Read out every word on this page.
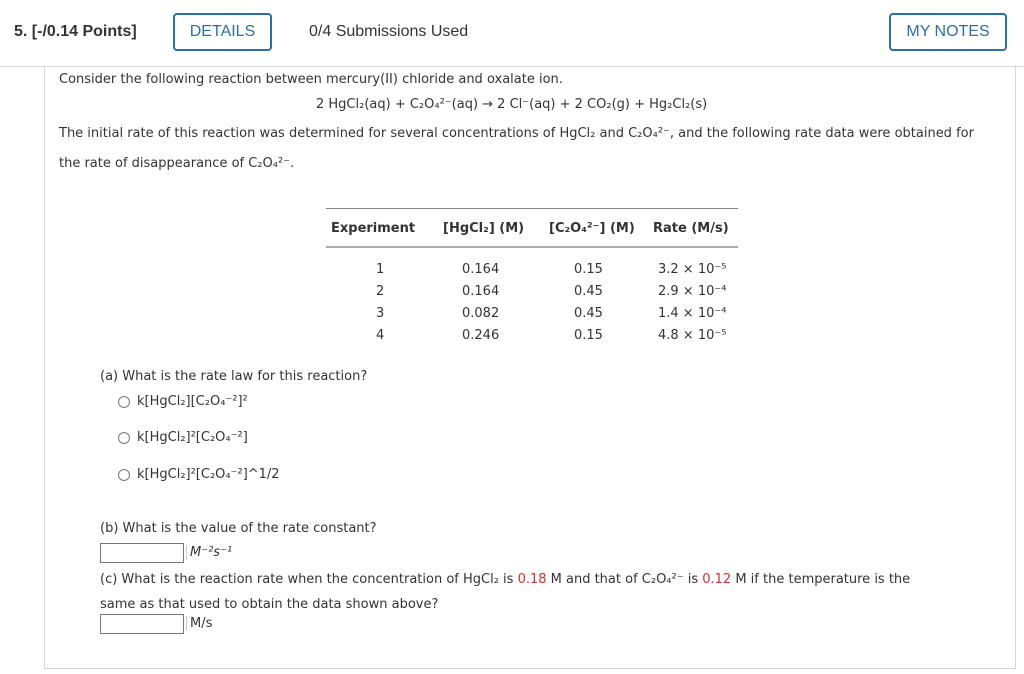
5. [-/0.14 Points]	DETAILS	0/4 Submissions Used	MY NOTES
Consider the following reaction between mercury(II) chloride and oxalate ion.
2 HgCl₂(aq) + C₂O₄²⁻(aq) → 2 Cl⁻(aq) + 2 CO₂(g) + Hg₂Cl₂(s)
The initial rate of this reaction was determined for several concentrations of HgCl₂ and C₂O₄²⁻, and the following rate data were obtained for
the rate of disappearance of C₂O₄²⁻.
Experiment	[HgCl₂] (M)	[C₂O₄²⁻] (M)	Rate (M/s)

1	0.164	0.15	3.2 × 10⁻⁵
2	0.164	0.45	2.9 × 10⁻⁴
3	0.082	0.45	1.4 × 10⁻⁴
4	0.246	0.15	4.8 × 10⁻⁵
(a) What is the rate law for this reaction?
k[HgCl₂][C₂O₄⁻²]²
k[HgCl₂]²[C₂O₄⁻²]
k[HgCl₂]²[C₂O₄⁻²]^1/2
(b) What is the value of the rate constant?
M⁻²s⁻¹
(c) What is the reaction rate when the concentration of HgCl₂ is 0.18 M and that of C₂O₄²⁻ is 0.12 M if the temperature is the
same as that used to obtain the data shown above?
M/s
